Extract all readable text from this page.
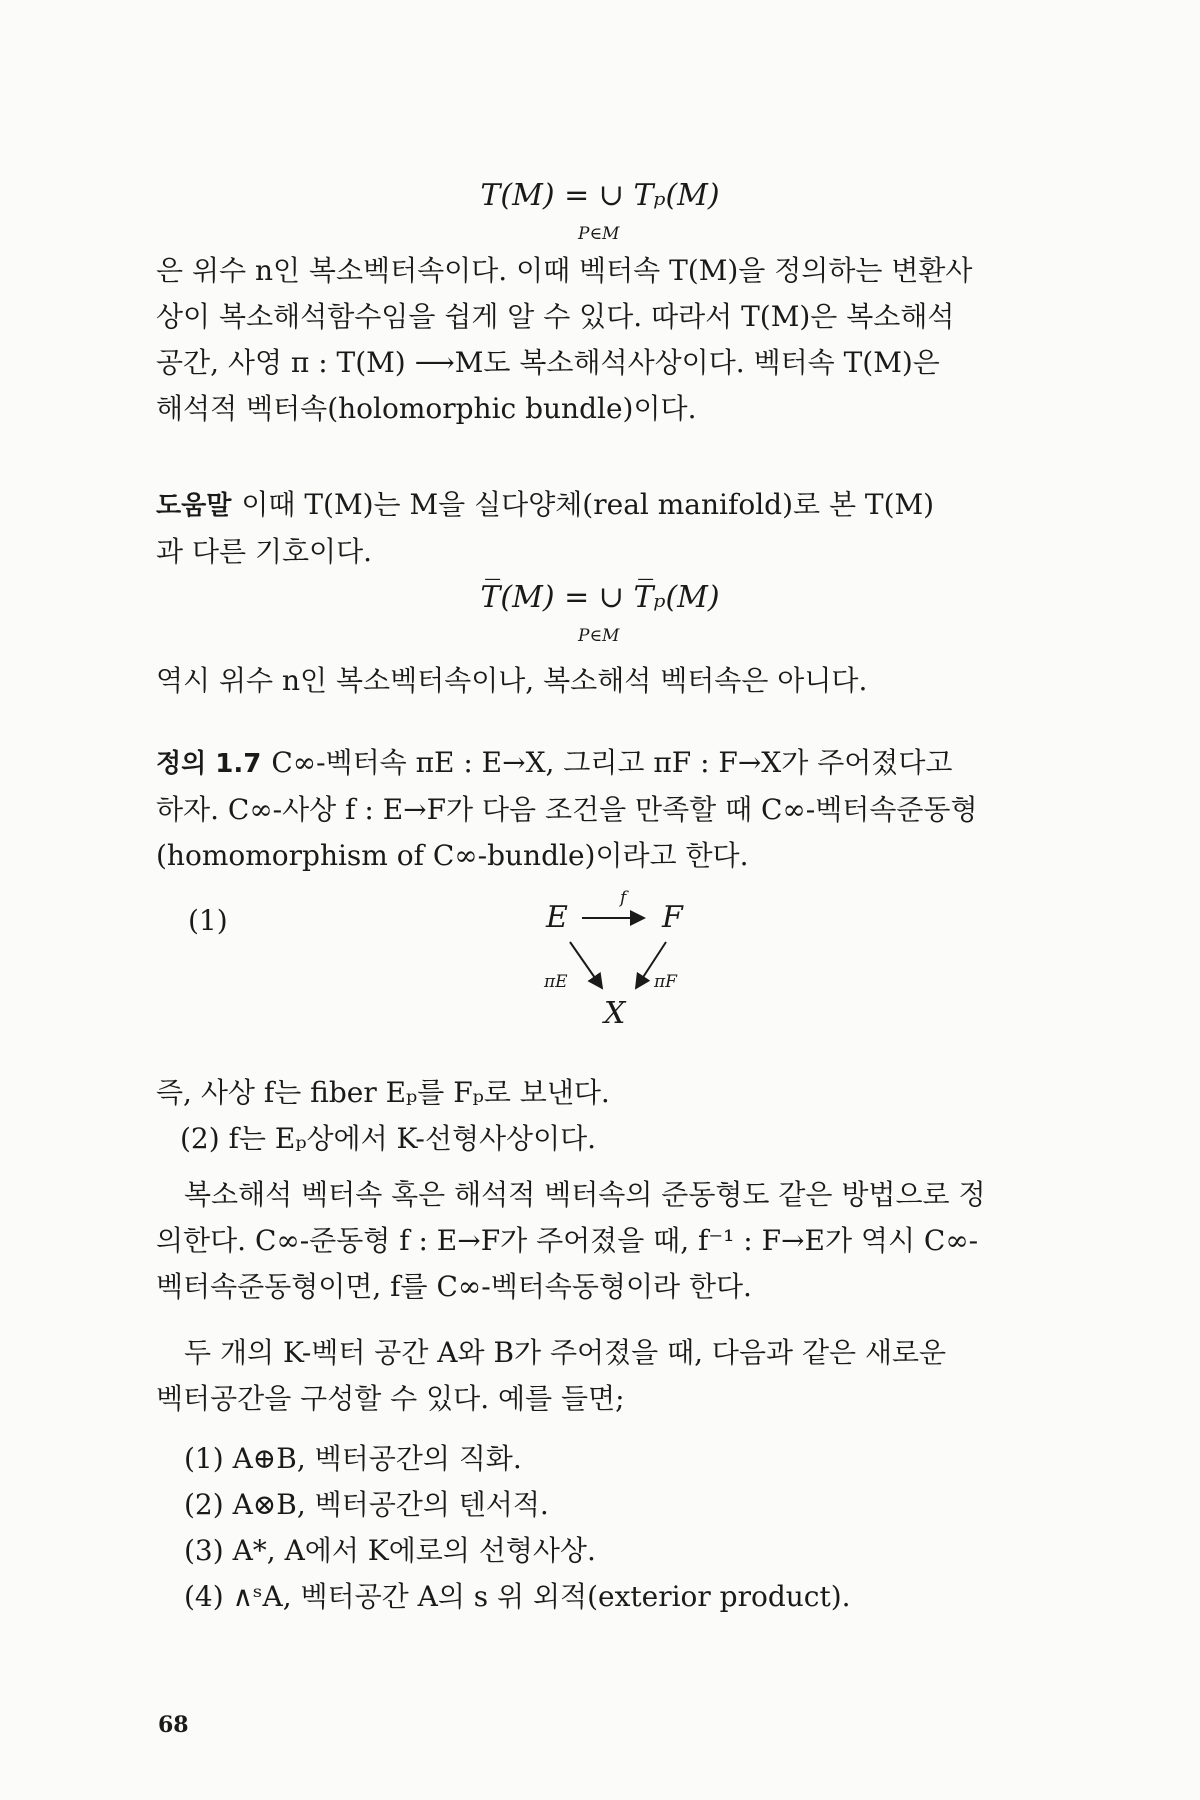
T(M) = ∪ Tₚ(M)
P∈M
은 위수 n인 복소벡터속이다. 이때 벡터속 T(M)을 정의하는 변환사
상이 복소해석함수임을 쉽게 알 수 있다. 따라서 T(M)은 복소해석
공간, 사영 π : T(M) ⟶M도 복소해석사상이다. 벡터속 T(M)은
해석적 벡터속(holomorphic bundle)이다.
도움말 이때 T(M)는 M을 실다양체(real manifold)로 본 T(M)
과 다른 기호이다.
T̅(M) = ∪ T̅ₚ(M)
P∈M
역시 위수 n인 복소벡터속이나, 복소해석 벡터속은 아니다.
정의 1.7 C∞-벡터속 πE : E→X, 그리고 πF : F→X가 주어졌다고
하자. C∞-사상 f : E→F가 다음 조건을 만족할 때 C∞-벡터속준동형
(homomorphism of C∞-bundle)이라고 한다.
(1)	E	F
X
f
πE	πF
즉, 사상 f는 fiber Eₚ를 Fₚ로 보낸다.
(2) f는 Eₚ상에서 K-선형사상이다.
복소해석 벡터속 혹은 해석적 벡터속의 준동형도 같은 방법으로 정
의한다. C∞-준동형 f : E→F가 주어졌을 때, f⁻¹ : F→E가 역시 C∞-
벡터속준동형이면, f를 C∞-벡터속동형이라 한다.
두 개의 K-벡터 공간 A와 B가 주어졌을 때, 다음과 같은 새로운
벡터공간을 구성할 수 있다. 예를 들면;
(1) A⊕B, 벡터공간의 직화.
(2) A⊗B, 벡터공간의 텐서적.
(3) A*, A에서 K에로의 선형사상.
(4) ∧ˢA, 벡터공간 A의 s 위 외적(exterior product).
68
